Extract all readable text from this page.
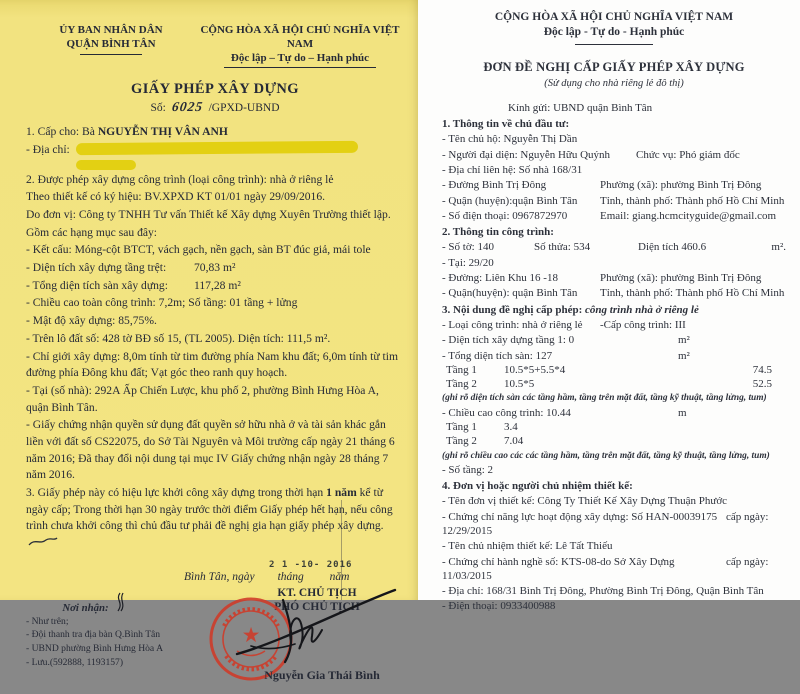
ỦY BAN NHÂN DÂN
QUẬN BÌNH TÂN
CỘNG HÒA XÃ HỘI CHỦ NGHĨA VIỆT NAM
Độc lập – Tự do – Hạnh phúc
GIẤY PHÉP XÂY DỰNG
Số: 6025 /GPXD-UBND

1. Cấp cho: Bà NGUYỄN THỊ VÂN ANH

- Địa chỉ:

2. Được phép xây dựng công trình (loại công trình): nhà ở riêng lẻ

Theo thiết kế có ký hiệu: BV.XPXD KT 01/01 ngày 29/09/2016.

Do đơn vị: Công ty TNHH Tư vấn Thiết kế Xây dựng Xuyên Trường thiết lập.

Gồm các hạng mục sau đây:

- Kết cấu: Móng-cột BTCT, vách gạch, nền gạch, sàn BT đúc giả, mái tole

- Diện tích xây dựng tầng trệt:	70,83 m²

- Tổng diện tích sàn xây dựng:	117,28 m²

- Chiều cao toàn công trình: 7,2m; Số tầng: 01 tầng + lửng

- Mật độ xây dựng: 85,75%.

- Trên lô đất số: 428 tờ BĐ số 15, (TL 2005). Diện tích: 111,5 m².

- Chỉ giới xây dựng: 8,0m tính từ tim đường phía Nam khu đất; 6,0m tính từ tim đường phía Đông khu đất; Vạt góc theo ranh quy hoạch.

- Tại (số nhà): 292A Ấp Chiến Lược, khu phố 2, phường Bình Hưng Hòa A, quận Bình Tân.

- Giấy chứng nhận quyền sử dụng đất quyền sở hữu nhà ở và tài sản khác gắn liền với đất số CS22075, do Sở Tài Nguyên và Môi trường cấp ngày 21 tháng 6 năm 2016; Đã thay đổi nội dung tại mục IV Giấy chứng nhận ngày 28 tháng 7 năm 2016.

3. Giấy phép này có hiệu lực khởi công xây dựng trong thời hạn 1 năm kể từ ngày cấp; Trong thời hạn 30 ngày trước thời điểm Giấy phép hết hạn, nếu công trình chưa khởi công thì chủ đầu tư phải đề nghị gia hạn giấy phép xây dựng.

2 1 -10- 2016
Bình Tân, ngày        tháng         năm
KT. CHỦ TỊCH
PHÓ CHỦ TỊCH
★
Nguyễn Gia Thái Bình

Nơi nhận:

- Như trên;

- Đội thanh tra địa bàn Q.Bình Tân

- UBND phường Bình Hưng Hòa A

- Lưu.(592888, 1193157)

CỘNG HÒA XÃ HỘI CHỦ NGHĨA VIỆT NAM
Độc lập - Tự do - Hạnh phúc
ĐƠN ĐỀ NGHỊ CẤP GIẤY PHÉP XÂY DỰNG
(Sử dụng cho nhà riêng lẻ đô thị)
Kính gửi: UBND quận Bình Tân
1. Thông tin về chủ đầu tư:
- Tên chủ hộ: Nguyễn Thị Dần
- Người đại diện: Nguyễn Hữu Quýnh Chức vụ: Phó giám đốc
- Địa chỉ liên hệ: Số nhà 168/31
- Đường Bình Trị Đông	Phường (xã): phường Bình Trị Đông
- Quận (huyện):quận Bình Tân Tỉnh, thành phố: Thành phố Hồ Chí Minh
- Số điện thoại: 0967872970	Email: giang.hcmcityguide@gmail.com
2. Thông tin công trình:
- Số tờ: 140	Số thửa: 534	Diện tích 460.6	m².
- Tại: 29/20
- Đường: Liên Khu 16 -18	Phường (xã): phường Bình Trị Đông
- Quận(huyện): quận Bình Tân Tỉnh, thành phố: Thành phố Hồ Chí Minh
3. Nội dung đề nghị cấp phép: công trình nhà ở riêng lẻ
- Loại công trình: nhà ở riêng lẻ -Cấp công trình: III
- Diện tích xây dựng tầng 1: 0	m²
- Tổng diện tích sàn: 127	m²
Tầng 1	10.5*5+5.5*4	74.5
Tầng 2	10.5*5	52.5
(ghi rõ diện tích sàn các tầng hầm, tầng trên mặt đất, tầng kỹ thuật, tầng lửng, tum)
- Chiều cao công trình: 10.44	m
Tầng 1	3.4
Tầng 2	7.04
(ghi rõ chiều cao các các tầng hầm, tầng trên mặt đất, tầng kỹ thuật, tầng lửng, tum)
- Số tầng: 2
4. Đơn vị hoặc người chủ nhiệm thiết kế:
- Tên đơn vị thiết kế: Công Ty Thiết Kế Xây Dựng Thuận Phước
- Chứng chỉ năng lực hoạt động xây dựng: Số HAN-00039175 cấp ngày:
12/29/2015
- Tên chủ nhiệm thiết kế: Lê Tất Thiếu
- Chứng chỉ hành nghề số: KTS-08-do Sở Xây Dựng	cấp ngày:
11/03/2015
- Địa chỉ: 168/31 Bình Trị Đông, Phường Bình Trị Đông, Quận Bình Tân
- Điện thoại: 0933400988
